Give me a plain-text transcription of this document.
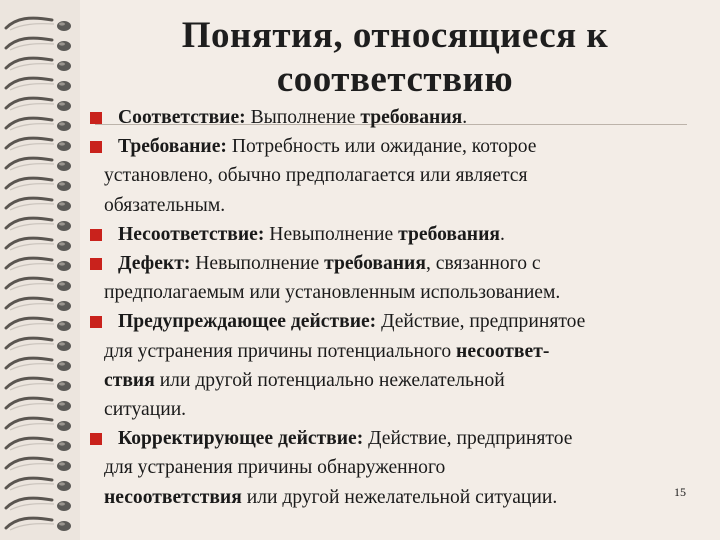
Понятия, относящиеся к
соответствию
Соответствие: Выполнение требования.
Требование: Потребность или ожидание, которое
установлено, обычно предполагается или является
обязательным.
Несоответствие: Невыполнение требования.
Дефект: Невыполнение требования, связанного с
предполагаемым или установленным использованием.
Предупреждающее действие: Действие, предпринятое
для устранения причины потенциального несоответ-
ствия или другой потенциально нежелательной
ситуации.
Корректирующее действие: Действие, предпринятое
для устранения причины обнаруженного
несоответствия или другой нежелательной ситуации.	15
